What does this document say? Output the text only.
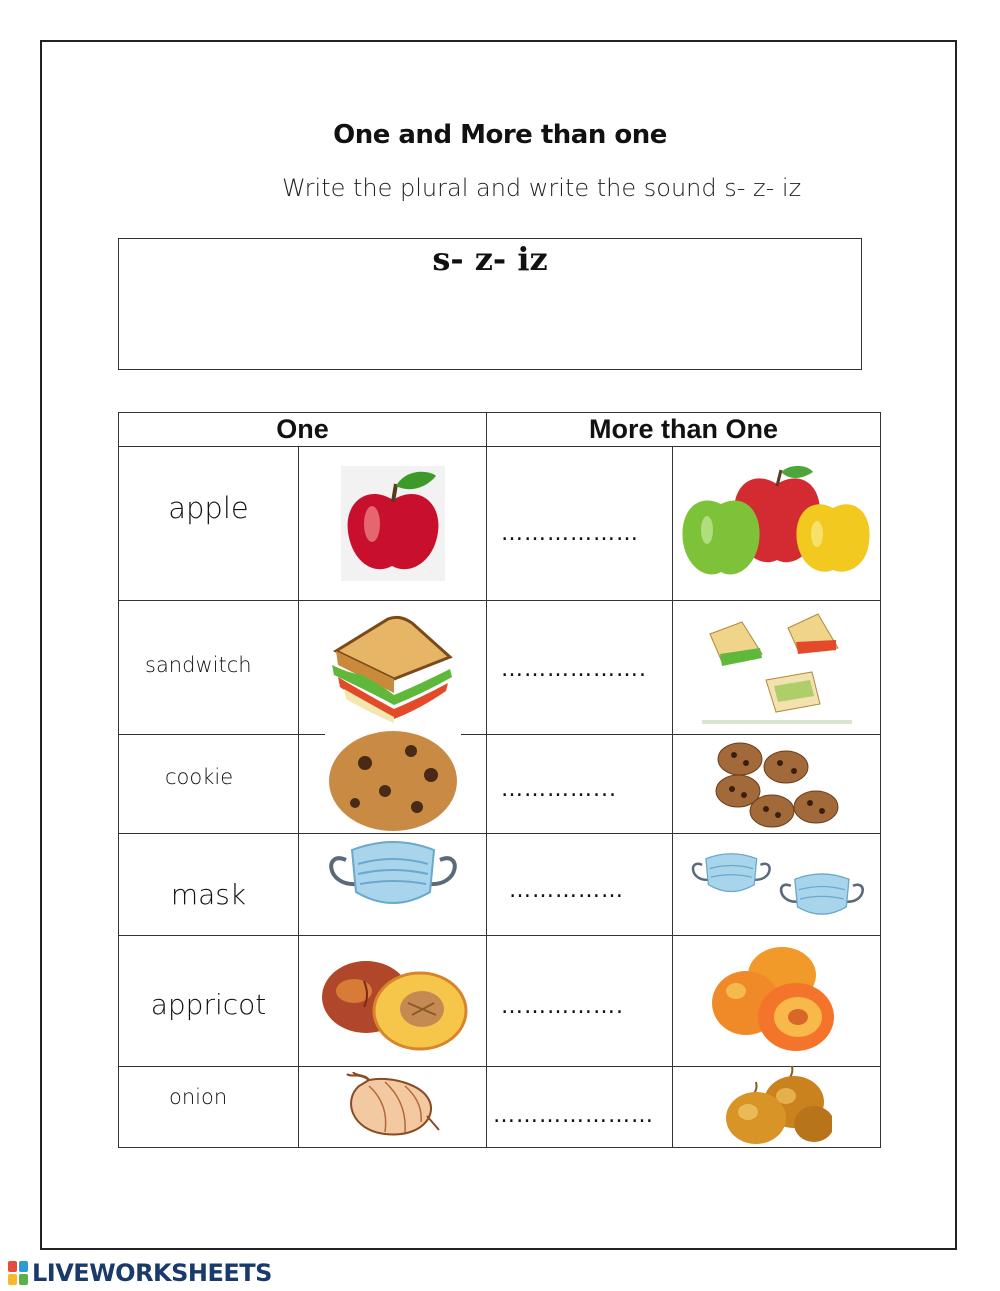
One and More than one
Write the plural and write the sound s- z- iz
s- z- iz
One		More than One	
apple		………………	

sandwitch		……………….	

cookie		…………...	

mask		……………	

appricot		…………….	

onion		…………………	
LIVEWORKSHEETS
